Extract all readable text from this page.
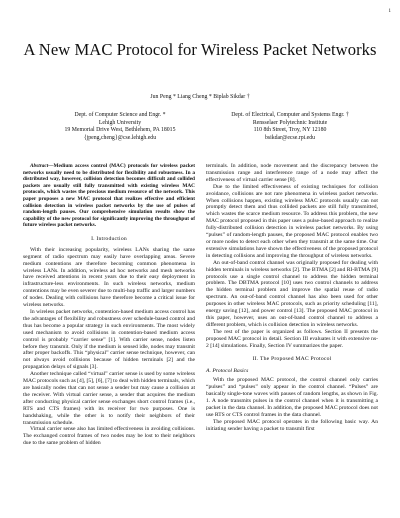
1
A New MAC Protocol for Wireless Packet Networks
Jun Peng * Liang Cheng * Biplab Sikdar †
Dept. of Computer Science and Engr. *
Lehigh University
19 Memorial Drive West, Bethlehem, PA 18015
{jpeng,cheng}@cse.lehigh.edu
Dept. of Electrical, Computer and Systems Engr. †
Rensselaer Polytechnic Institute
110 8th Street, Troy, NY 12180
bsikdar@ecse.rpi.edu

Abstract—Medium access control (MAC) protocols for wireless packet networks usually need to be distributed for flexibility and robustness. In a distributed way, however, collision detection becomes difficult and collided packets are usually still fully transmitted with existing wireless MAC protocols, which wastes the precious medium resource of the network. This paper proposes a new MAC protocol that realizes effective and efficient collision detection in wireless packet networks by the use of pulses of random-length pauses. Our comprehensive simulation results show the capability of the new protocol for significantly improving the throughput of future wireless packet networks.

I. Introduction

With their increasing popularity, wireless LANs sharing the same segment of radio spectrum may easily have overlapping areas. Severe medium contentions are therefore becoming common phenomena in wireless LANs. In addition, wireless ad hoc networks and mesh networks have received attentions in recent years due to their easy deployment in infrastructure-less environments. In such wireless networks, medium contentions may be even severer due to multi-hop traffic and larger numbers of nodes. Dealing with collisions have therefore become a critical issue for wireless networks.

In wireless packet networks, contention-based medium access control has the advantages of flexibility and robustness over schedule-based control and thus has become a popular strategy in such environments. The most widely used mechanism to avoid collisions in contention-based medium access control is probably “carrier sense” [1]. With carrier sense, nodes listen before they transmit. Only if the medium is sensed idle, nodes may transmit after proper backoffs. This “physical” carrier sense technique, however, can not always avoid collisions because of hidden terminals [2] and the propagation delays of signals [3].

Another technique called “virtual” carrier sense is used by some wireless MAC protocols such as [4], [5], [6], [7] to deal with hidden terminals, which are basically nodes that can not sense a sender but may cause a collision at the receiver. With virtual carrier sense, a sender that acquires the medium after conducting physical carrier sense exchanges short control frames (i.e., RTS and CTS frames) with its receiver for two purposes. One is handshaking, while the other is to notify their neighbors of their transmission schedule.

Virtual carrier sense also has limited effectiveness in avoiding collisions. The exchanged control frames of two nodes may be lost to their neighbors due to the same problem of hidden

terminals. In addition, node movement and the discrepancy between the transmission range and interference range of a node may affect the effectiveness of virtual carrier sense [8].

Due to the limited effectiveness of existing techniques for collision avoidance, collisions are not rare phenomena in wireless packet networks. When collisions happen, existing wireless MAC protocols usually can not promptly detect them and thus collided packets are still fully transmitted, which wastes the scarce medium resource. To address this problem, the new MAC protocol proposed in this paper uses a pulse-based approach to realize fully-distributed collision detection in wireless packet networks. By using “pulses” of random-length pauses, the proposed MAC protocol enables two or more nodes to detect each other when they transmit at the same time. Our extensive simulations have shown the effectiveness of the proposed protocol in detecting collisions and improving the throughput of wireless networks.

An out-of-band control channel was originally proposed for dealing with hidden terminals in wireless networks [2]. The BTMA [2] and RI-BTMA [9] protocols use a single control channel to address the hidden terminal problem. The DBTMA protocol [10] uses two control channels to address the hidden terminal problem and improve the spatial reuse of radio spectrum. An out-of-band control channel has also been used for other purposes in other wireless MAC protocols, such as priority scheduling [11], energy saving [12], and power control [13]. The proposed MAC protocol in this paper, however, uses an out-of-band control channel to address a different problem, which is collision detection in wireless networks.

The rest of the paper is organized as follows. Section II presents the proposed MAC protocol in detail. Section III evaluates it with extensive ns-2 [14] simulations. Finally, Section IV summarizes the paper.

II. The Proposed MAC Protocol
A. Protocol Basics

With the proposed MAC protocol, the control channel only carries “pulses” and “pulses” only appear in the control channel. “Pulses” are basically single-tone waves with pauses of random lengths, as shown in Fig. 1. A node transmits pulses in the control channel when it is transmitting a packet in the data channel. In addition, the proposed MAC protocol does not use RTS or CTS control frames in the data channel.

The proposed MAC protocol operates in the following basic way. An initiating sender having a packet to transmit first
